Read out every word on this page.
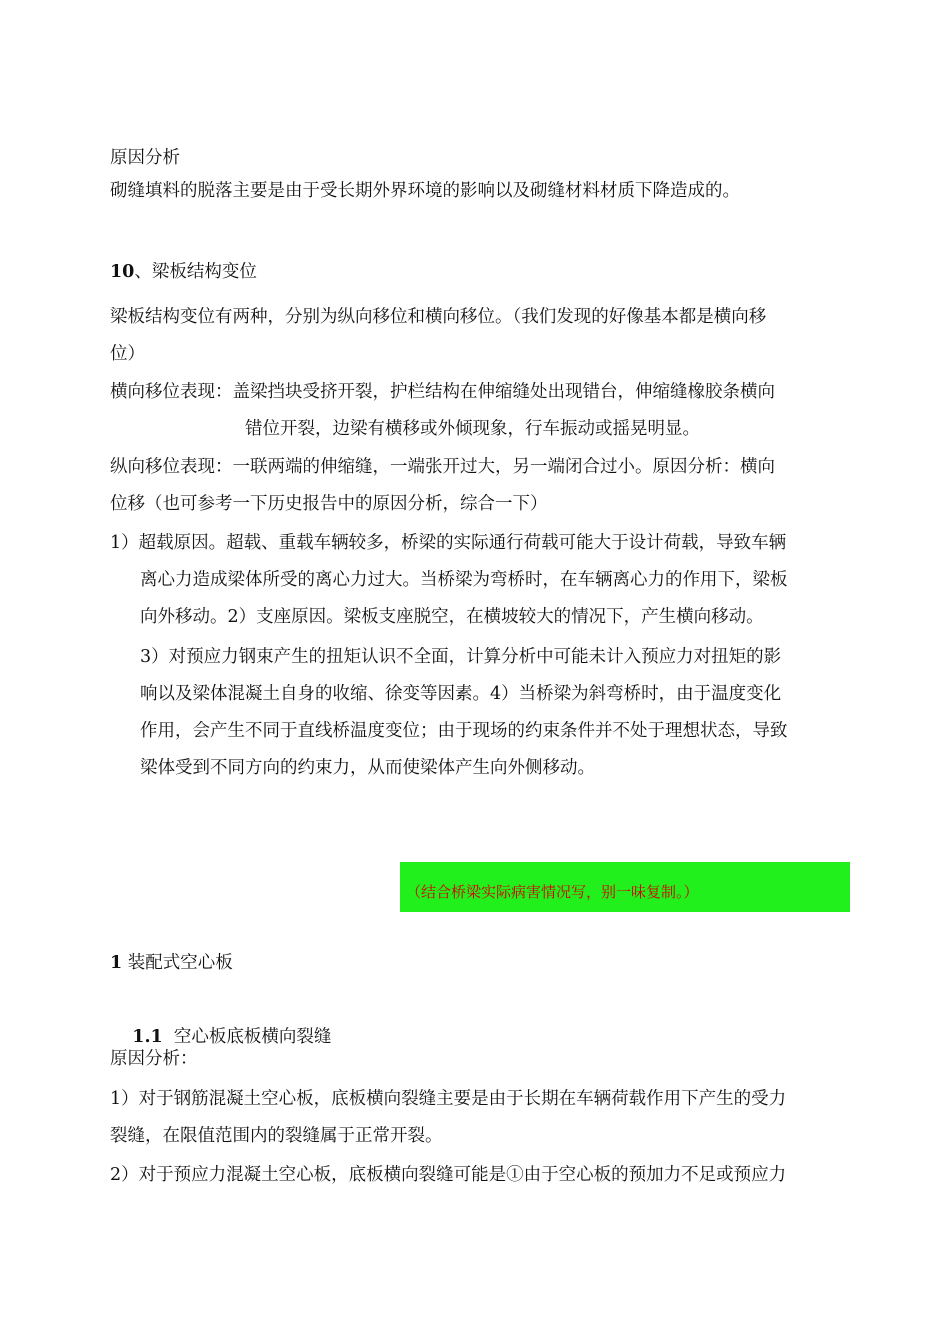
原因分析
砌缝填料的脱落主要是由于受长期外界环境的影响以及砌缝材料材质下降造成的。
10、梁板结构变位
梁板结构变位有两种，分别为纵向移位和横向移位。（我们发现的好像基本都是横向移
位）
横向移位表现：盖梁挡块受挤开裂，护栏结构在伸缩缝处出现错台，伸缩缝橡胶条横向
错位开裂，边梁有横移或外倾现象，行车振动或摇晃明显。
纵向移位表现：一联两端的伸缩缝，一端张开过大，另一端闭合过小。原因分析：横向
位移（也可参考一下历史报告中的原因分析，综合一下）
1）超载原因。超载、重载车辆较多，桥梁的实际通行荷载可能大于设计荷载，导致车辆
离心力造成梁体所受的离心力过大。当桥梁为弯桥时，在车辆离心力的作用下，梁板
向外移动。2）支座原因。梁板支座脱空，在横坡较大的情况下，产生横向移动。
3）对预应力钢束产生的扭矩认识不全面，计算分析中可能未计入预应力对扭矩的影
响以及梁体混凝土自身的收缩、徐变等因素。4）当桥梁为斜弯桥时，由于温度变化
作用，会产生不同于直线桥温度变位；由于现场的约束条件并不处于理想状态，导致
梁体受到不同方向的约束力，从而使梁体产生向外侧移动。
（结合桥梁实际病害情况写，别一味复制。）
1 装配式空心板

1.1  空心板底板横向裂缝

原因分析：
1）对于钢筋混凝土空心板，底板横向裂缝主要是由于长期在车辆荷载作用下产生的受力
裂缝，在限值范围内的裂缝属于正常开裂。
2）对于预应力混凝土空心板，底板横向裂缝可能是①由于空心板的预加力不足或预应力
